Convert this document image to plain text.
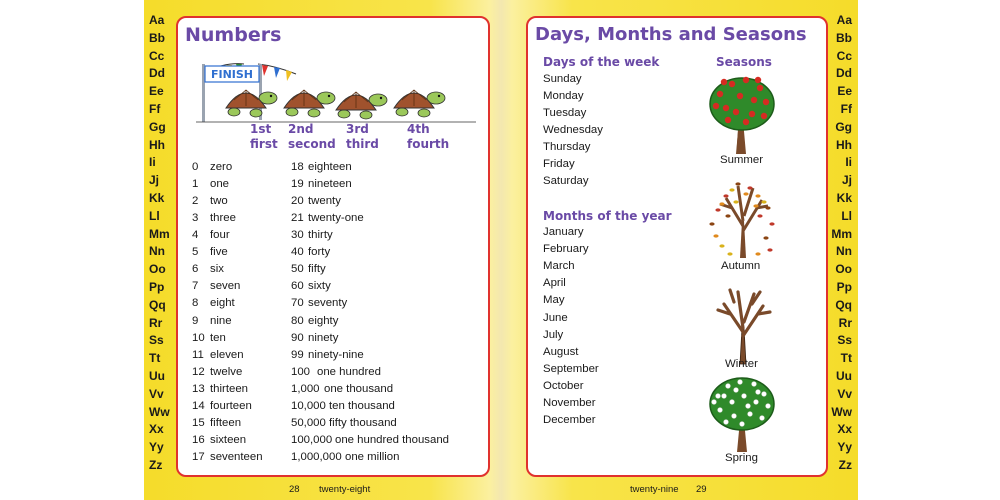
Aa
Bb
Cc
Dd
Ee
Ff
Gg
Hh
Ii
Jj
Kk
Ll
Mm
Nn
Oo
Pp
Qq
Rr
Ss
Tt
Uu
Vv
Ww
Xx
Yy
Zz
Numbers
FINISH
1st
first
2nd
second
3rd
third
4th
fourth
0 zero
1 one
2 two
3 three
4 four
5 five
6 six
7 seven
8 eight
9 nine
10 ten
11 eleven
12 twelve
13 thirteen
14 fourteen
15 fifteen
16 sixteen
17 seventeen
18 eighteen
19 nineteen
20 twenty
21 twenty-one
30 thirty
40 forty
50 fifty
60 sixty
70 seventy
80 eighty
90 ninety
99 ninety-nine
100 one hundred
1,000 one thousand
10,000 ten thousand
50,000 fifty thousand
100,000 one hundred thousand
1,000,000 one million
28 twenty-eight
Aa
Bb
Cc
Dd
Ee
Ff
Gg
Hh
Ii
Jj
Kk
Ll
Mm
Nn
Oo
Pp
Qq
Rr
Ss
Tt
Uu
Vv
Ww
Xx
Yy
Zz
Days, Months and Seasons
Days of the week	Seasons
Sunday
Monday
Tuesday
Wednesday
Thursday
Friday
Saturday
Months of the year
January
February
March
April
May
June
July
August
September
October
November
December
Summer
Autumn
Winter
Spring
twenty-nine 29
